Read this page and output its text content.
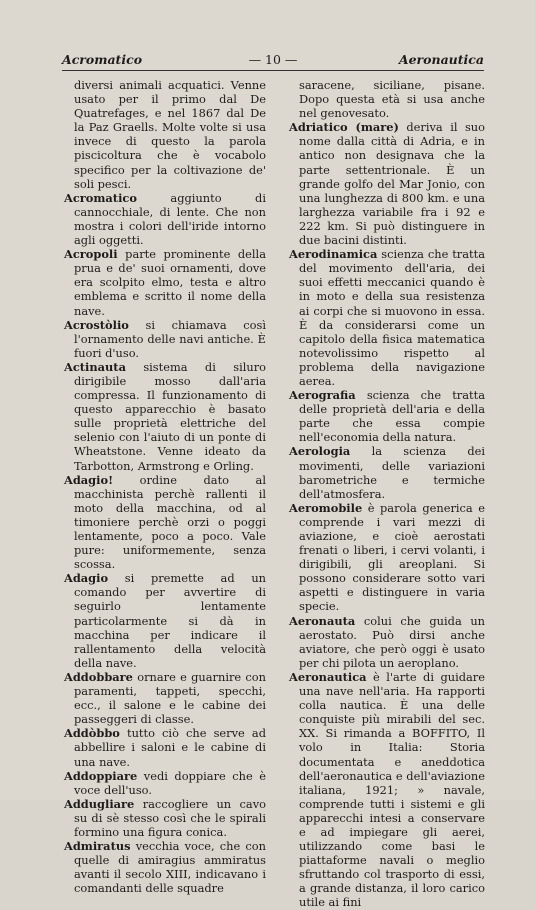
Acromatico	— 10 —	Aeronautica

diversi animali acquatici. Venne usato per il primo dal De Quatrefages, e nel 1867 dal De la Paz Graells. Molte volte si usa invece di questo la parola piscicoltura che è vocabolo specifico per la coltivazione de' soli pesci.

Acromatico aggiunto di cannocchiale, di lente. Che non mostra i colori dell'iride intorno agli oggetti.

Acropoli parte prominente della prua e de' suoi ornamenti, dove era scolpito elmo, testa e altro emblema e scritto il nome della nave.

Acrostòlio si chiamava così l'ornamento delle navi antiche. È fuori d'uso.

Actinauta sistema di siluro dirigibile mosso dall'aria compressa. Il funzionamento di questo apparecchio è basato sulle proprietà elettriche del selenio con l'aiuto di un ponte di Wheatstone. Venne ideato da Tarbotton, Armstrong e Orling.

Adagio! ordine dato al macchinista perchè rallenti il moto della macchina, od al timoniere perchè orzi o poggi lentamente, poco a poco. Vale pure: uniformemente, senza scossa.

Adagio si premette ad un comando per avvertire di seguirlo lentamente particolarmente si dà in macchina per indicare il rallentamento della velocità della nave.

Addobbare ornare e guarnire con paramenti, tappeti, specchi, ecc., il salone e le cabine dei passeggeri di classe.

Addòbbo tutto ciò che serve ad abbellire i saloni e le cabine di una nave.

Addoppiare vedi doppiare che è voce dell'uso.

Addugliare raccogliere un cavo su di sè stesso così che le spirali formino una figura conica.

Admiratus vecchia voce, che con quelle di amiragius ammiratus avanti il secolo XIII, indicavano i comandanti delle squadre

saracene, siciliane, pisane. Dopo questa età si usa anche nel genovesato.

Adriatico (mare) deriva il suo nome dalla città di Adria, e in antico non designava che la parte settentrionale. È un grande golfo del Mar Jonio, con una lunghezza di 800 km. e una larghezza variabile fra i 92 e 222 km. Si può distinguere in due bacini distinti.

Aerodinamica scienza che tratta del movimento dell'aria, dei suoi effetti meccanici quando è in moto e della sua resistenza ai corpi che si muovono in essa. È da considerarsi come un capitolo della fisica matematica notevolissimo rispetto al problema della navigazione aerea.

Aerografia scienza che tratta delle proprietà dell'aria e della parte che essa compie nell'economia della natura.

Aerologia la scienza dei movimenti, delle variazioni barometriche e termiche dell'atmosfera.

Aeromobile è parola generica e comprende i vari mezzi di aviazione, e cioè aerostati frenati o liberi, i cervi volanti, i dirigibili, gli areoplani. Si possono considerare sotto vari aspetti e distinguere in varia specie.

Aeronauta colui che guida un aerostato. Può dirsi anche aviatore, che però oggi è usato per chi pilota un aeroplano.

Aeronautica è l'arte di guidare una nave nell'aria. Ha rapporti colla nautica. È una delle conquiste più mirabili del sec. XX. Si rimanda a BOFFITO, Il volo in Italia: Storia documentata e aneddotica dell'aeronautica e dell'aviazione italiana, 1921; » navale, comprende tutti i sistemi e gli apparecchi intesi a conservare e ad impiegare gli aerei, utilizzando come basi le piattaforme navali o meglio sfruttando col trasporto di essi, a grande distanza, il loro carico utile ai fini
